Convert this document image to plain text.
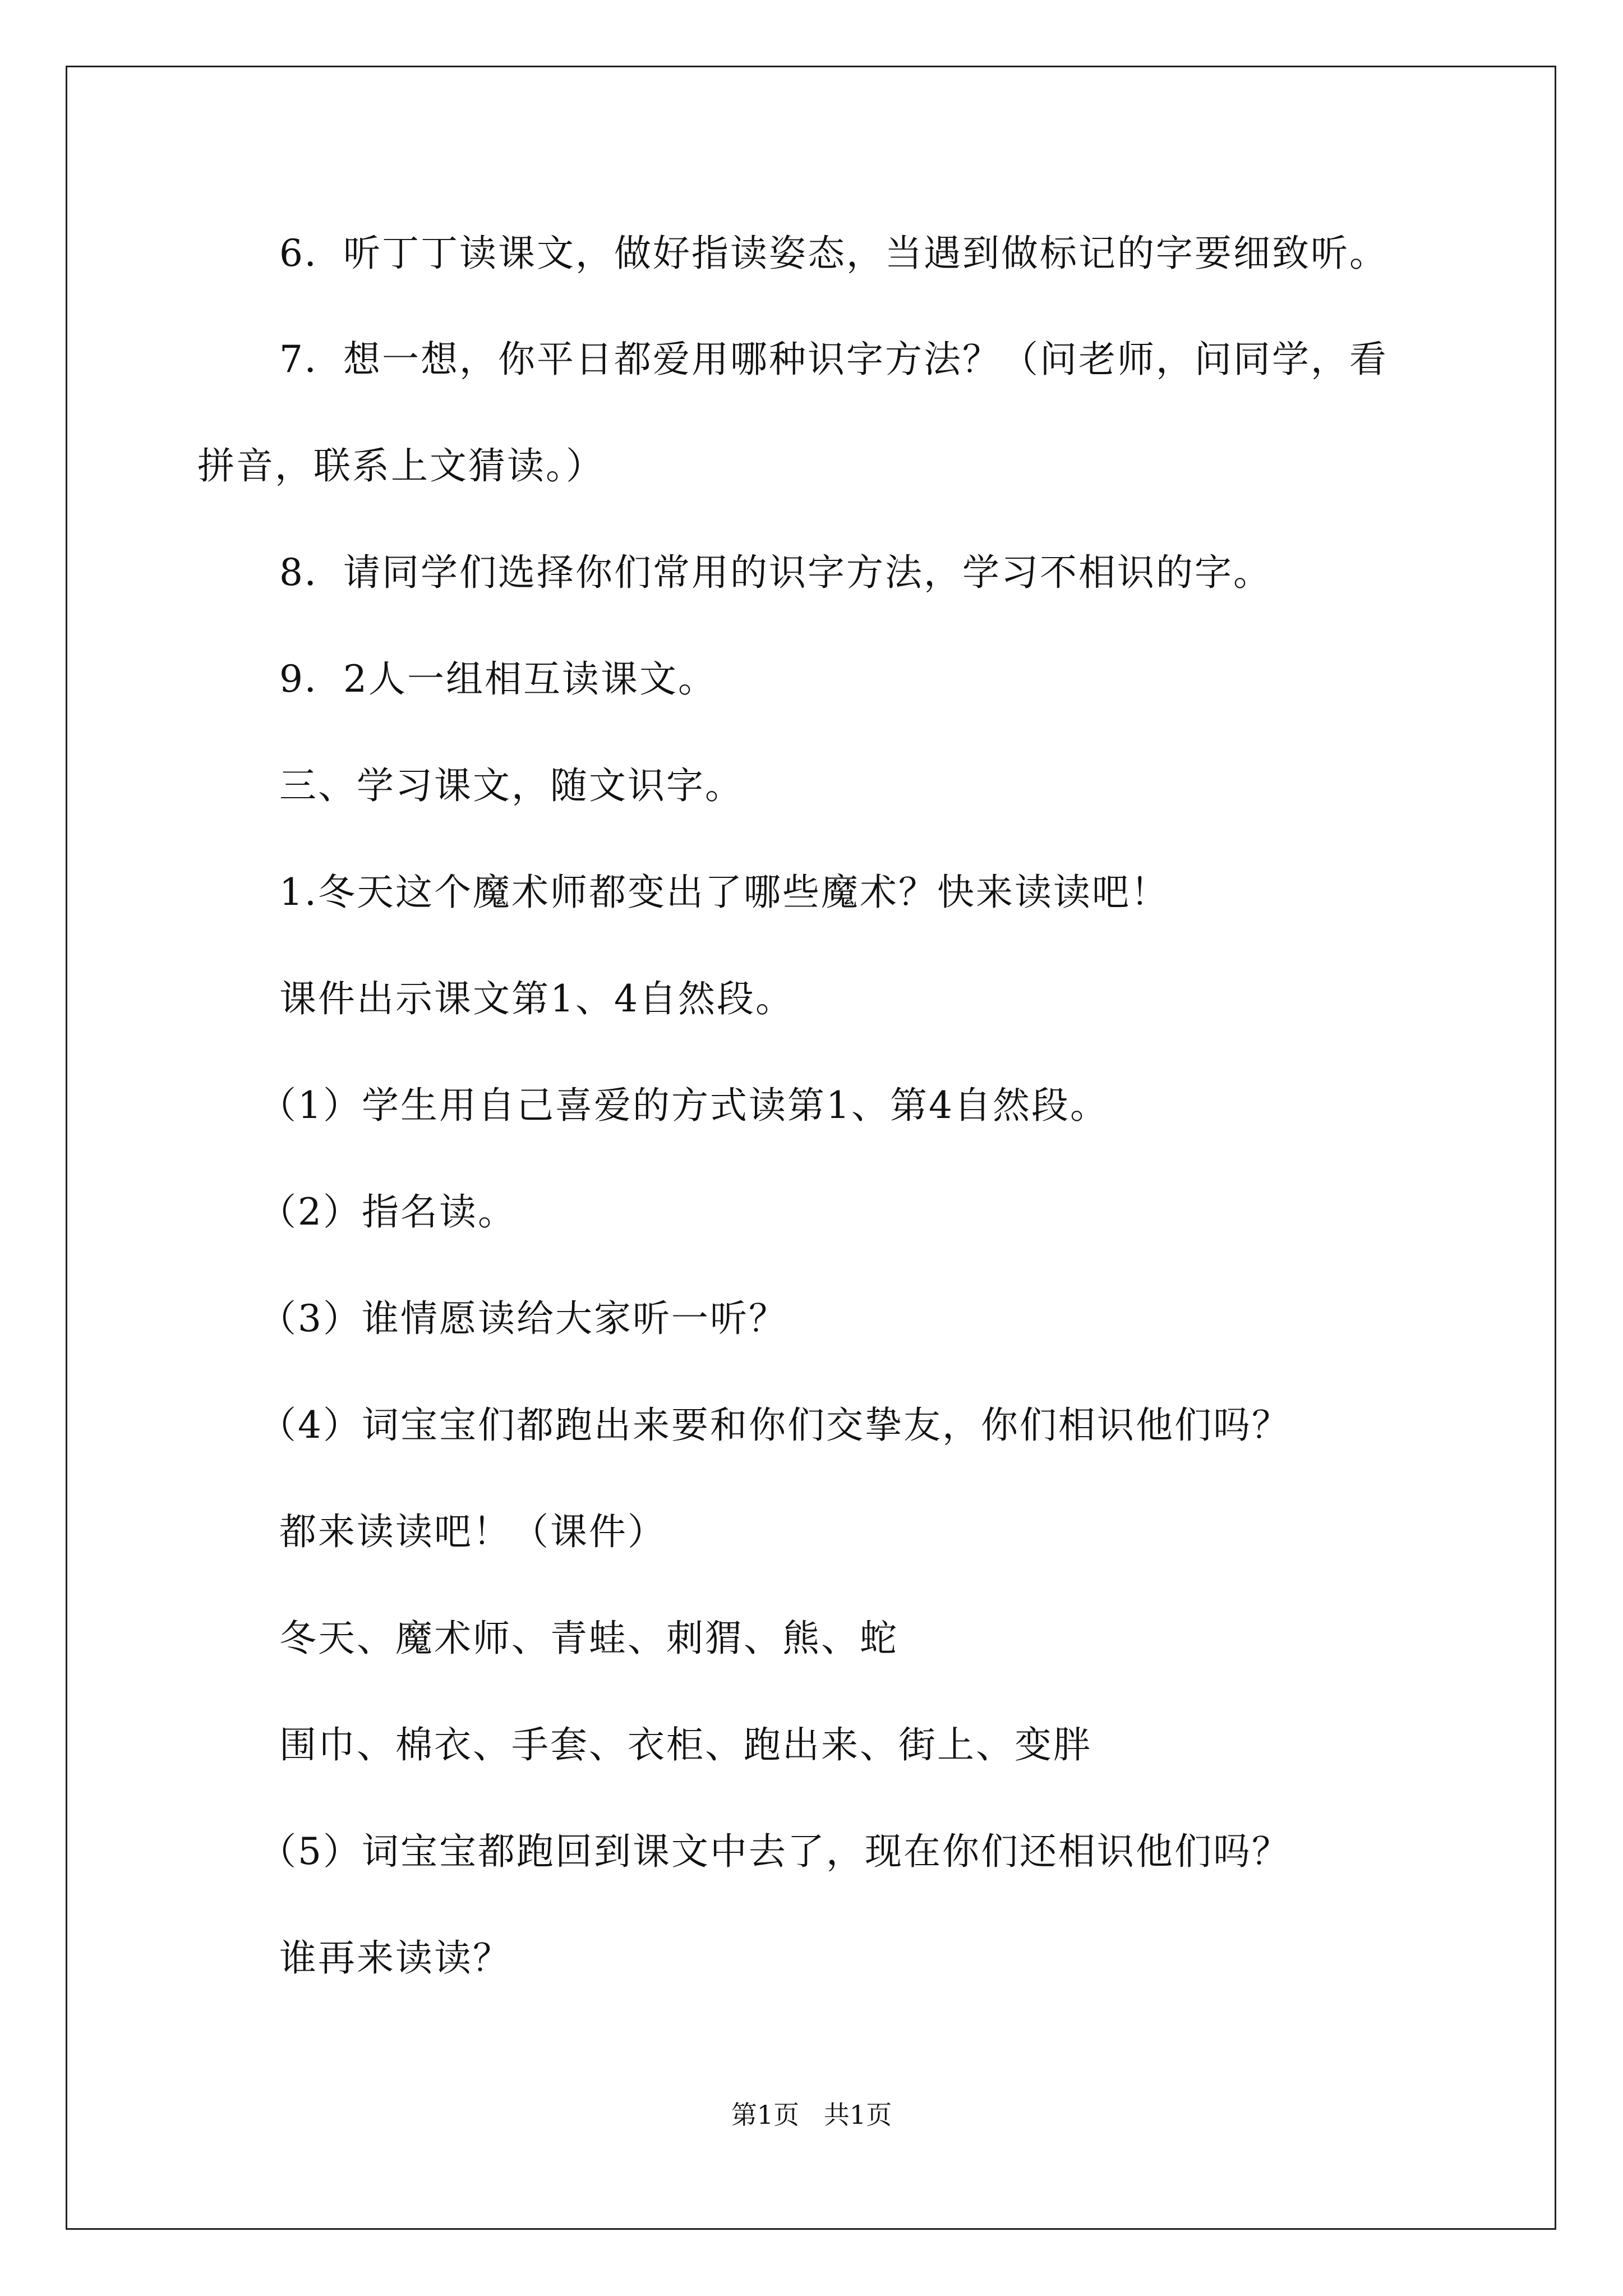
6．听丁丁读课文，做好指读姿态，当遇到做标记的字要细致听。
7．想一想，你平日都爱用哪种识字方法？（问老师，问同学，看
拼音，联系上文猜读。）
8．请同学们选择你们常用的识字方法，学习不相识的字。
9．2人一组相互读课文。
三、学习课文，随文识字。
1.冬天这个魔术师都变出了哪些魔术？快来读读吧！
课件出示课文第1、4自然段。
（1）学生用自己喜爱的方式读第1、第4自然段。
（2）指名读。
（3）谁情愿读给大家听一听？
（4）词宝宝们都跑出来要和你们交挚友，你们相识他们吗？
都来读读吧！（课件）
冬天、魔术师、青蛙、刺猬、熊、蛇
围巾、棉衣、手套、衣柜、跑出来、街上、变胖
（5）词宝宝都跑回到课文中去了，现在你们还相识他们吗？
谁再来读读？
第1页   共1页
